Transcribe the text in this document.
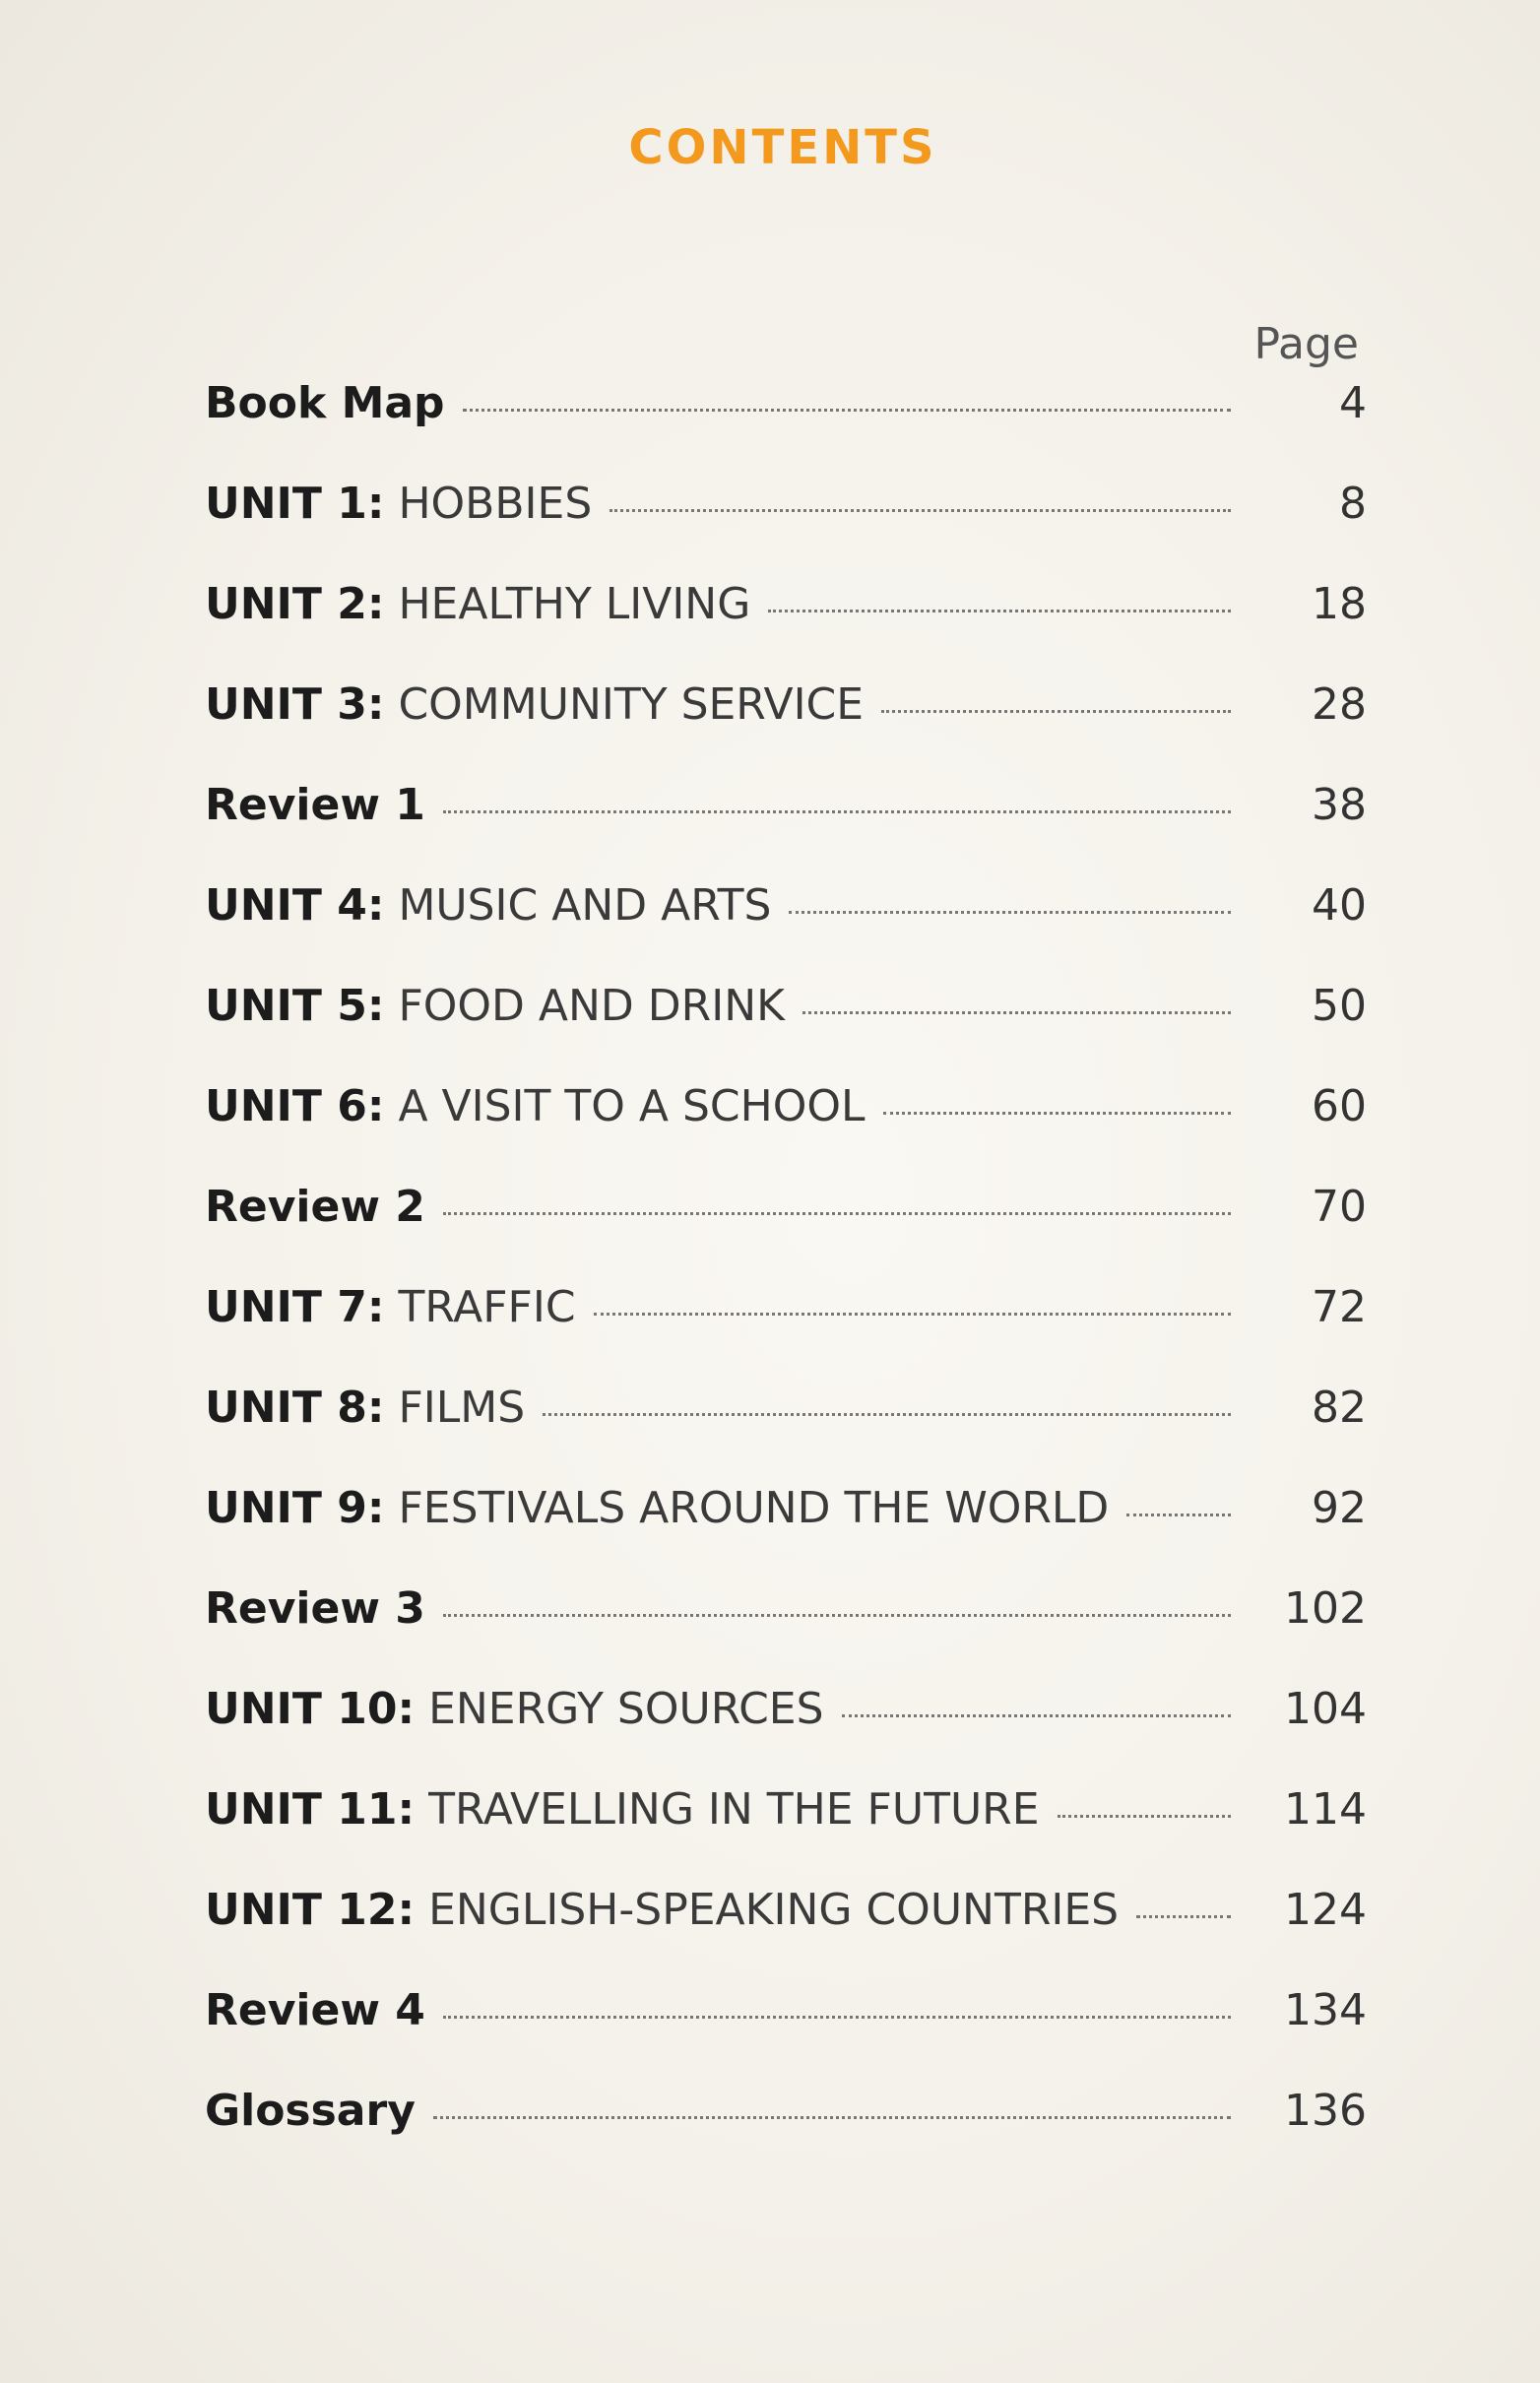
CONTENTS
Page
Book Map	4
UNIT 1: HOBBIES	8
UNIT 2: HEALTHY LIVING	18
UNIT 3: COMMUNITY SERVICE	28
Review 1	38
UNIT 4: MUSIC AND ARTS	40
UNIT 5: FOOD AND DRINK	50
UNIT 6: A VISIT TO A SCHOOL	60
Review 2	70
UNIT 7: TRAFFIC	72
UNIT 8: FILMS	82
UNIT 9: FESTIVALS AROUND THE WORLD	92
Review 3	102
UNIT 10: ENERGY SOURCES	104
UNIT 11: TRAVELLING IN THE FUTURE	114
UNIT 12: ENGLISH-SPEAKING COUNTRIES	124
Review 4	134
Glossary	136
